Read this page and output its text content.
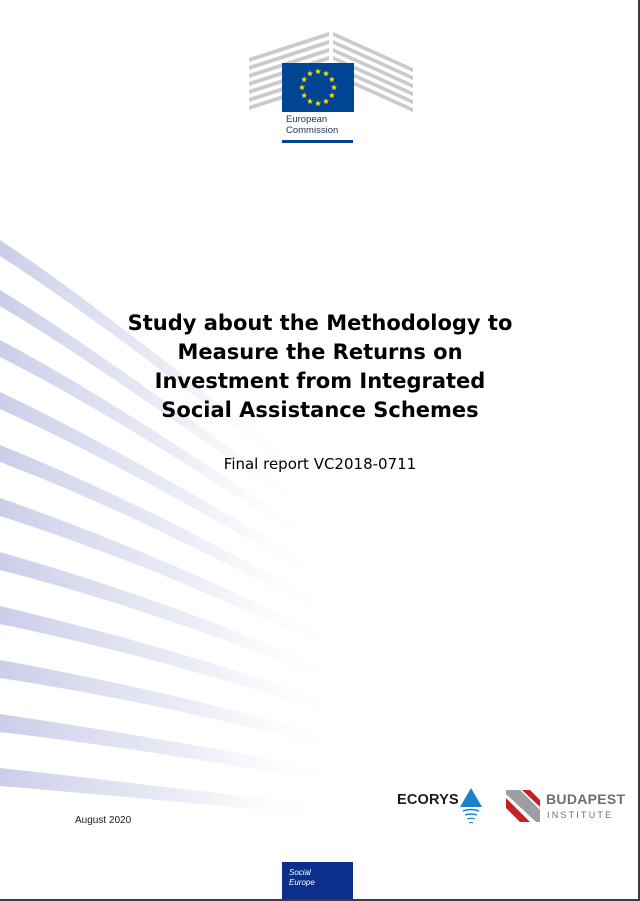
European
Commission
Study about the Methodology to
Measure the Returns on
Investment from Integrated
Social Assistance Schemes
Final report VC2018-0711
August 2020
ECORYS	BUDAPEST
INSTITUTE
Social
Europe
